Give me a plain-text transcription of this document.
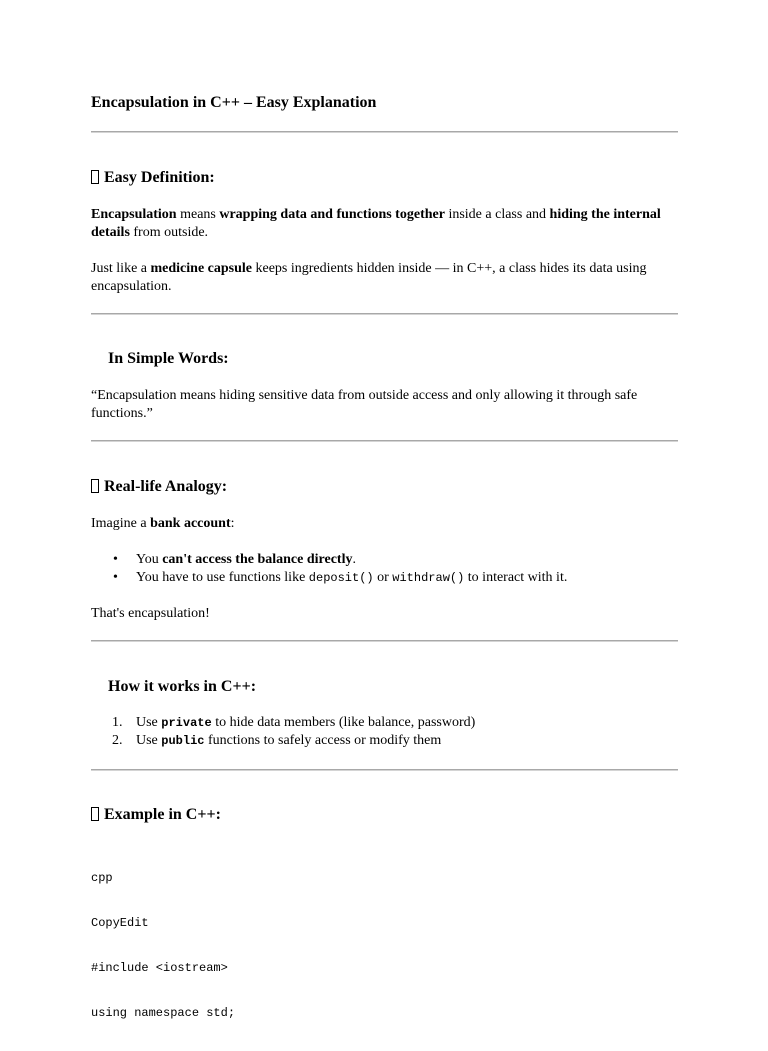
Encapsulation in C++ – Easy Explanation
Easy Definition:
Encapsulation means wrapping data and functions together inside a class and hiding the internal details from outside.
Just like a medicine capsule keeps ingredients hidden inside — in C++, a class hides its data using encapsulation.
In Simple Words:
“Encapsulation means hiding sensitive data from outside access and only allowing it through safe functions.”
Real-life Analogy:
Imagine a bank account:
• You can't access the balance directly.
• You have to use functions like deposit() or withdraw() to interact with it.
That's encapsulation!
How it works in C++:
1. Use private to hide data members (like balance, password)
2. Use public functions to safely access or modify them
Example in C++:

cpp

CopyEdit

#include <iostream>

using namespace std;
